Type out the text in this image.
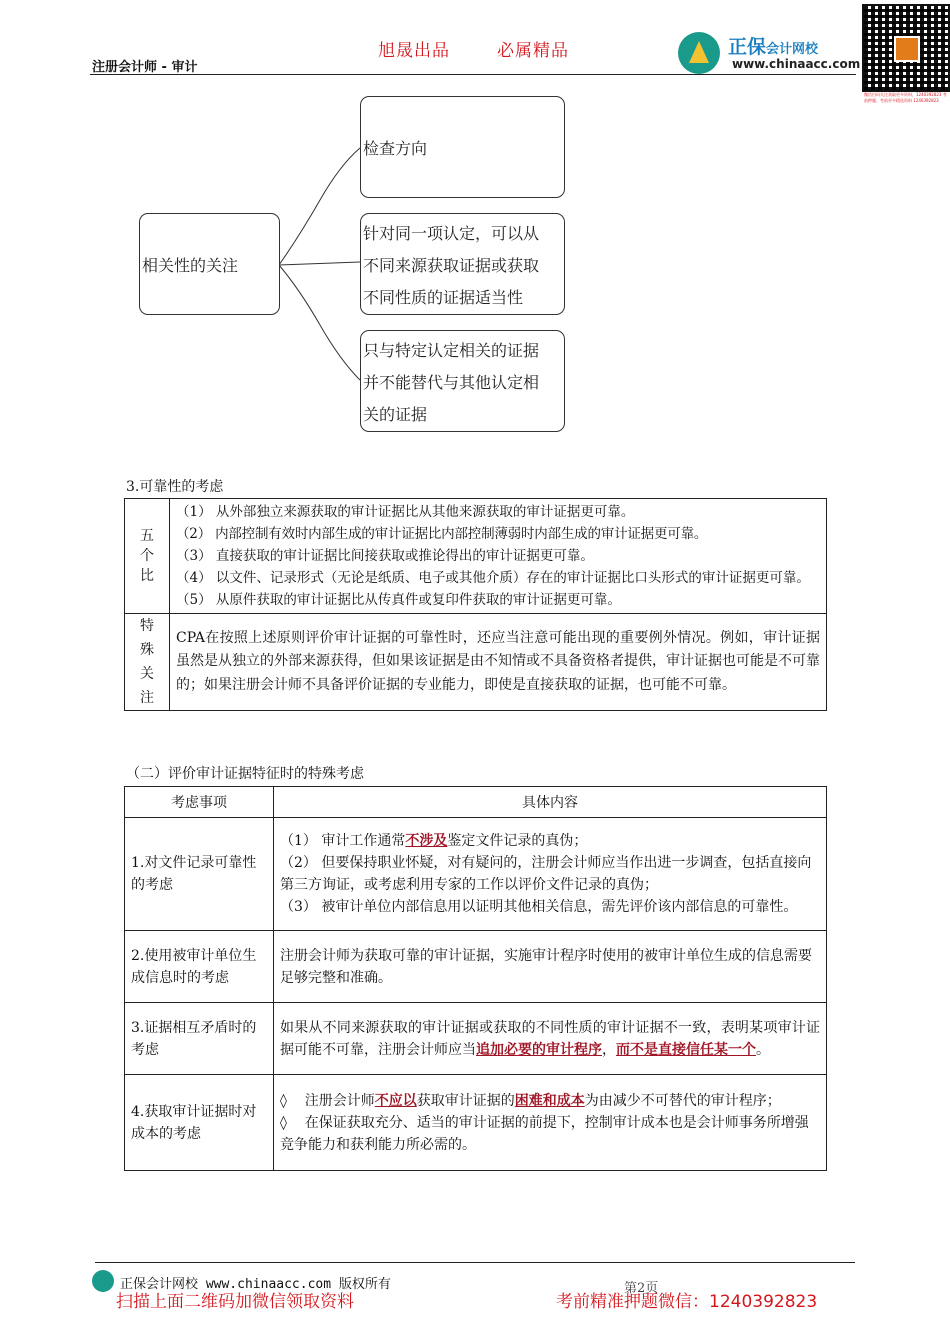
旭晟出品	必属精品
注册会计师 - 审计
正保会计网校
www.chinaacc.com
微信扫码关注获取更多资料，1240392823 考前押题，考前更多精选资料 1240392823
相关性的关注
检查方向
针对同一项认定，可以从
不同来源获取证据或获取
不同性质的证据适当性
只与特定认定相关的证据
并不能替代与其他认定相
关的证据
3.可靠性的考虑
五个比	（1） 从外部独立来源获取的审计证据比从其他来源获取的审计证据更可靠。
（2） 内部控制有效时内部生成的审计证据比内部控制薄弱时内部生成的审计证据更可靠。
（3） 直接获取的审计证据比间接获取或推论得出的审计证据更可靠。
（4） 以文件、记录形式（无论是纸质、电子或其他介质）存在的审计证据比口头形式的审计证据更可靠。
（5） 从原件获取的审计证据比从传真件或复印件获取的审计证据更可靠。

特殊关注	CPA在按照上述原则评价审计证据的可靠性时，还应当注意可能出现的重要例外情况。例如，审计证据虽然是从独立的外部来源获得，但如果该证据是由不知情或不具备资格者提供，审计证据也可能是不可靠的；如果注册会计师不具备评价证据的专业能力，即使是直接获取的证据，也可能不可靠。
（二）评价审计证据特征时的特殊考虑
考虑事项	具体内容
1.对文件记录可靠性的考虑	（1） 审计工作通常不涉及鉴定文件记录的真伪；
（2） 但要保持职业怀疑，对有疑问的，注册会计师应当作出进一步调查，包括直接向第三方询证，或考虑利用专家的工作以评价文件记录的真伪；
（3） 被审计单位内部信息用以证明其他相关信息，需先评价该内部信息的可靠性。

2.使用被审计单位生成信息时的考虑	注册会计师为获取可靠的审计证据，实施审计程序时使用的被审计单位生成的信息需要足够完整和准确。
3.证据相互矛盾时的考虑	如果从不同来源获取的审计证据或获取的不同性质的审计证据不一致，表明某项审计证据可能不可靠，注册会计师应当追加必要的审计程序，而不是直接信任某一个。
4.获取审计证据时对成本的考虑	◊ 注册会计师不应以获取审计证据的困难和成本为由减少不可替代的审计程序；
◊ 在保证获取充分、适当的审计证据的前提下，控制审计成本也是会计师事务所增强竞争能力和获利能力所必需的。
正保会计网校 www.chinaacc.com 版权所有	第2页
扫描上面二维码加微信领取资料	考前精准押题微信：1240392823
